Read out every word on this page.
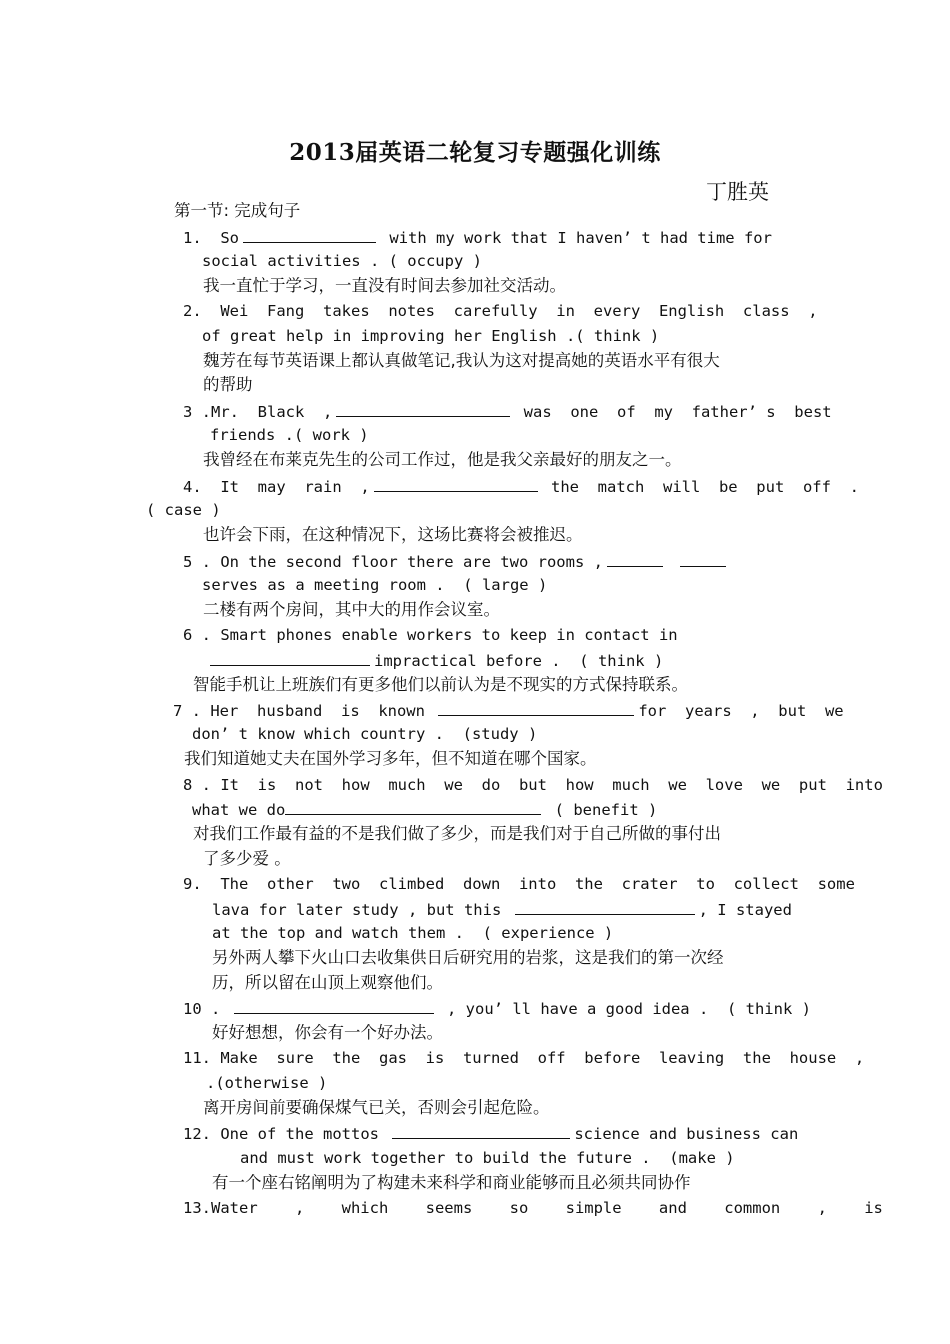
2013届英语二轮复习专题强化训练
丁胜英
第一节: 完成句子
1. So	with my work that I haven’ t had time for
social activities . ( occupy )
我一直忙于学习，一直没有时间去参加社交活动。
2. Wei  Fang  takes  notes  carefully  in  every  English  class  ,
of great help in improving her English .( think )
魏芳在每节英语课上都认真做笔记,我认为这对提高她的英语水平有很大
的帮助
3 .Mr.  Black  ,	was  one  of  my  father’ s  best
friends .( work )
我曾经在布莱克先生的公司工作过，他是我父亲最好的朋友之一。
4. It  may  rain  ,	the  match  will  be  put  off  .
( case )
也许会下雨，在这种情况下，这场比赛将会被推迟。
5 . On the second floor there are two rooms ,
serves as a meeting room .  ( large )
二楼有两个房间，其中大的用作会议室。
6 . Smart phones enable workers to keep in contact in
impractical before .  ( think )
智能手机让上班族们有更多他们以前认为是不现实的方式保持联系。
7 . Her  husband  is  known	for  years  ,  but  we
don’ t know which country .  (study )
我们知道她丈夫在国外学习多年，但不知道在哪个国家。
8 . It  is  not  how  much  we  do  but  how  much  we  love  we  put  into
what we do	( benefit )
对我们工作最有益的不是我们做了多少，而是我们对于自己所做的事付出
了多少爱 。
9. The  other  two  climbed  down  into  the  crater  to  collect  some
lava for later study , but this	, I stayed
at the top and watch them .  ( experience )
另外两人攀下火山口去收集供日后研究用的岩浆，这是我们的第一次经
历，所以留在山顶上观察他们。
10 .	, you’ ll have a good idea .  ( think )
好好想想，你会有一个好办法。
11. Make  sure  the  gas  is  turned  off  before  leaving  the  house  ,
.(otherwise )
离开房间前要确保煤气已关，否则会引起危险。
12. One of the mottos	science and business can
and must work together to build the future .  (make )
有一个座右铭阐明为了构建未来科学和商业能够而且必须共同协作
13.Water    ,    which    seems    so    simple    and    common    ,    is
